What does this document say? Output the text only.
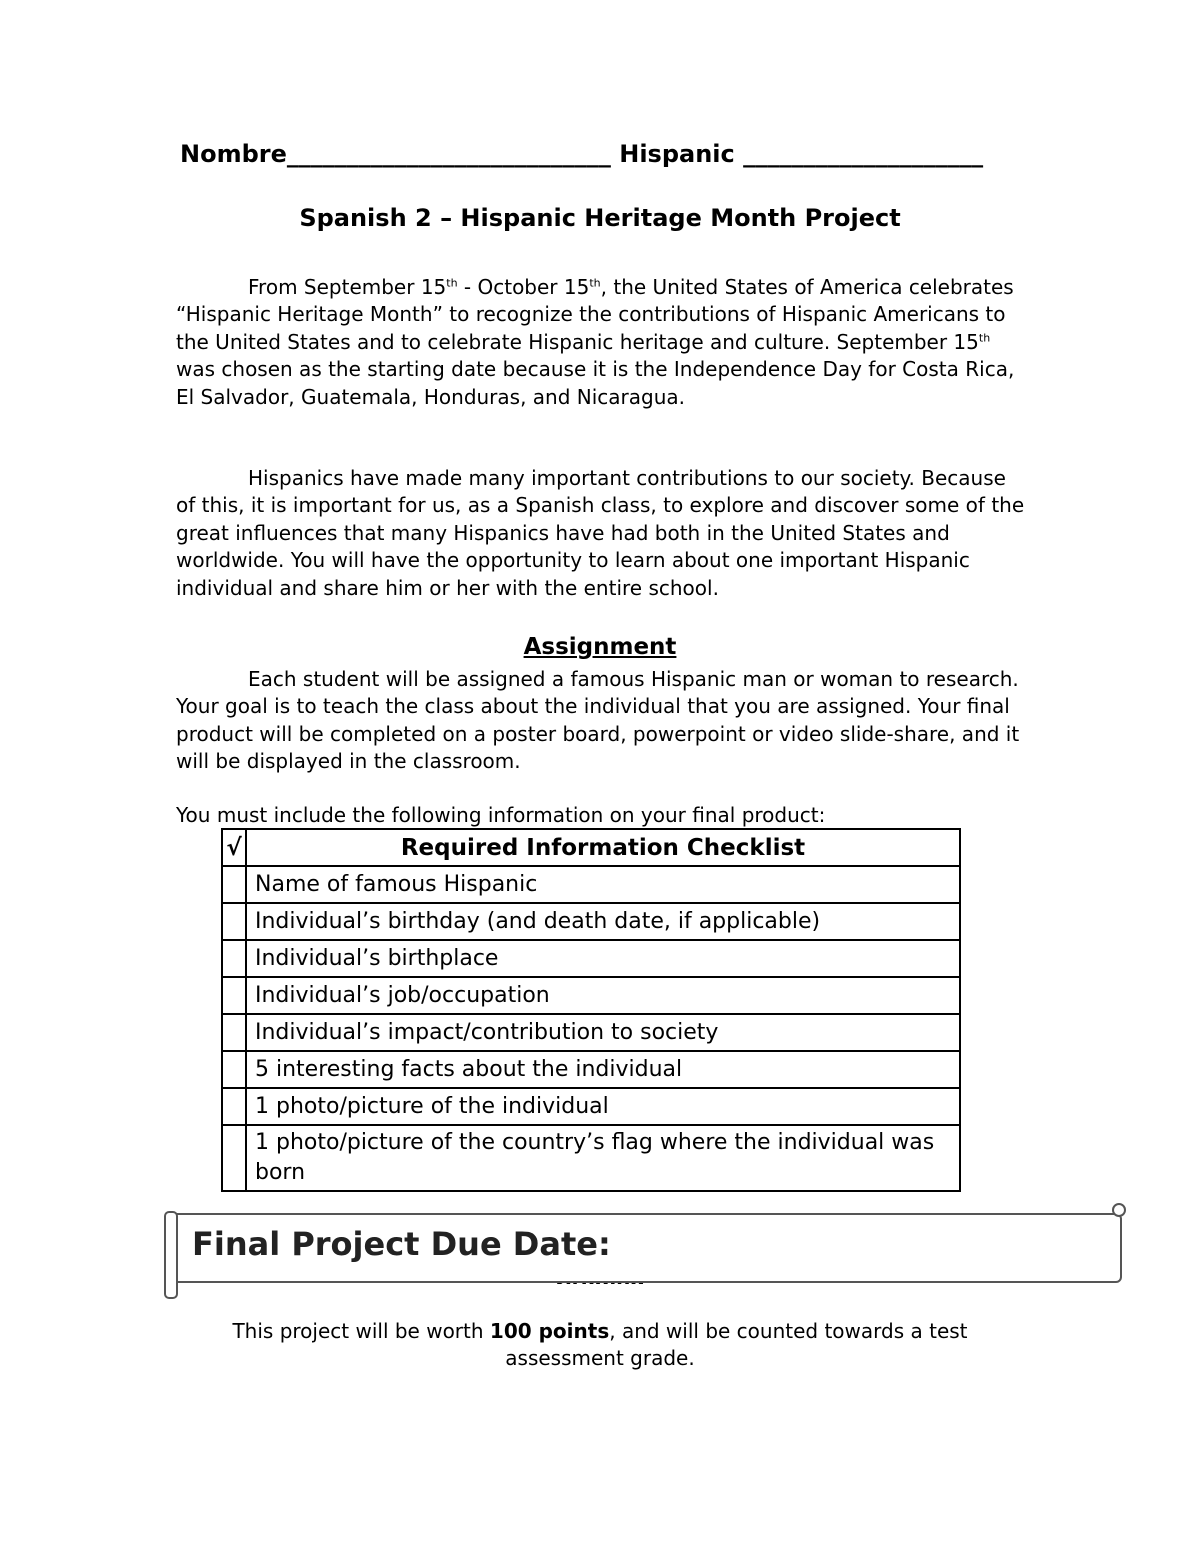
Nombre___________________________ Hispanic ____________________
Spanish 2 – Hispanic Heritage Month Project

From September 15th - October 15th, the United States of America celebrates “Hispanic Heritage Month” to recognize the contributions of Hispanic Americans to the United States and to celebrate Hispanic heritage and culture. September 15th was chosen as the starting date because it is the Independence Day for Costa Rica, El Salvador, Guatemala, Honduras, and Nicaragua.

Hispanics have made many important contributions to our society. Because of this, it is important for us, as a Spanish class, to explore and discover some of the great influences that many Hispanics have had both in the United States and worldwide. You will have the opportunity to learn about one important Hispanic individual and share him or her with the entire school.

Assignment

Each student will be assigned a famous Hispanic man or woman to research. Your goal is to teach the class about the individual that you are assigned. Your final product will be completed on a poster board, powerpoint or video slide-share, and it will be displayed in the classroom.

You must include the following information on your final product:

√	Required Information Checklist
	Name of famous Hispanic
	Individual’s birthday (and death date, if applicable)
	Individual’s birthplace
	Individual’s job/occupation
	Individual’s impact/contribution to society
	5 interesting facts about the individual
	1 photo/picture of the individual
	1 photo/picture of the country’s flag where the individual was born
Final Project Due Date:
This project will be worth 100 points, and will be counted towards a test assessment grade.
